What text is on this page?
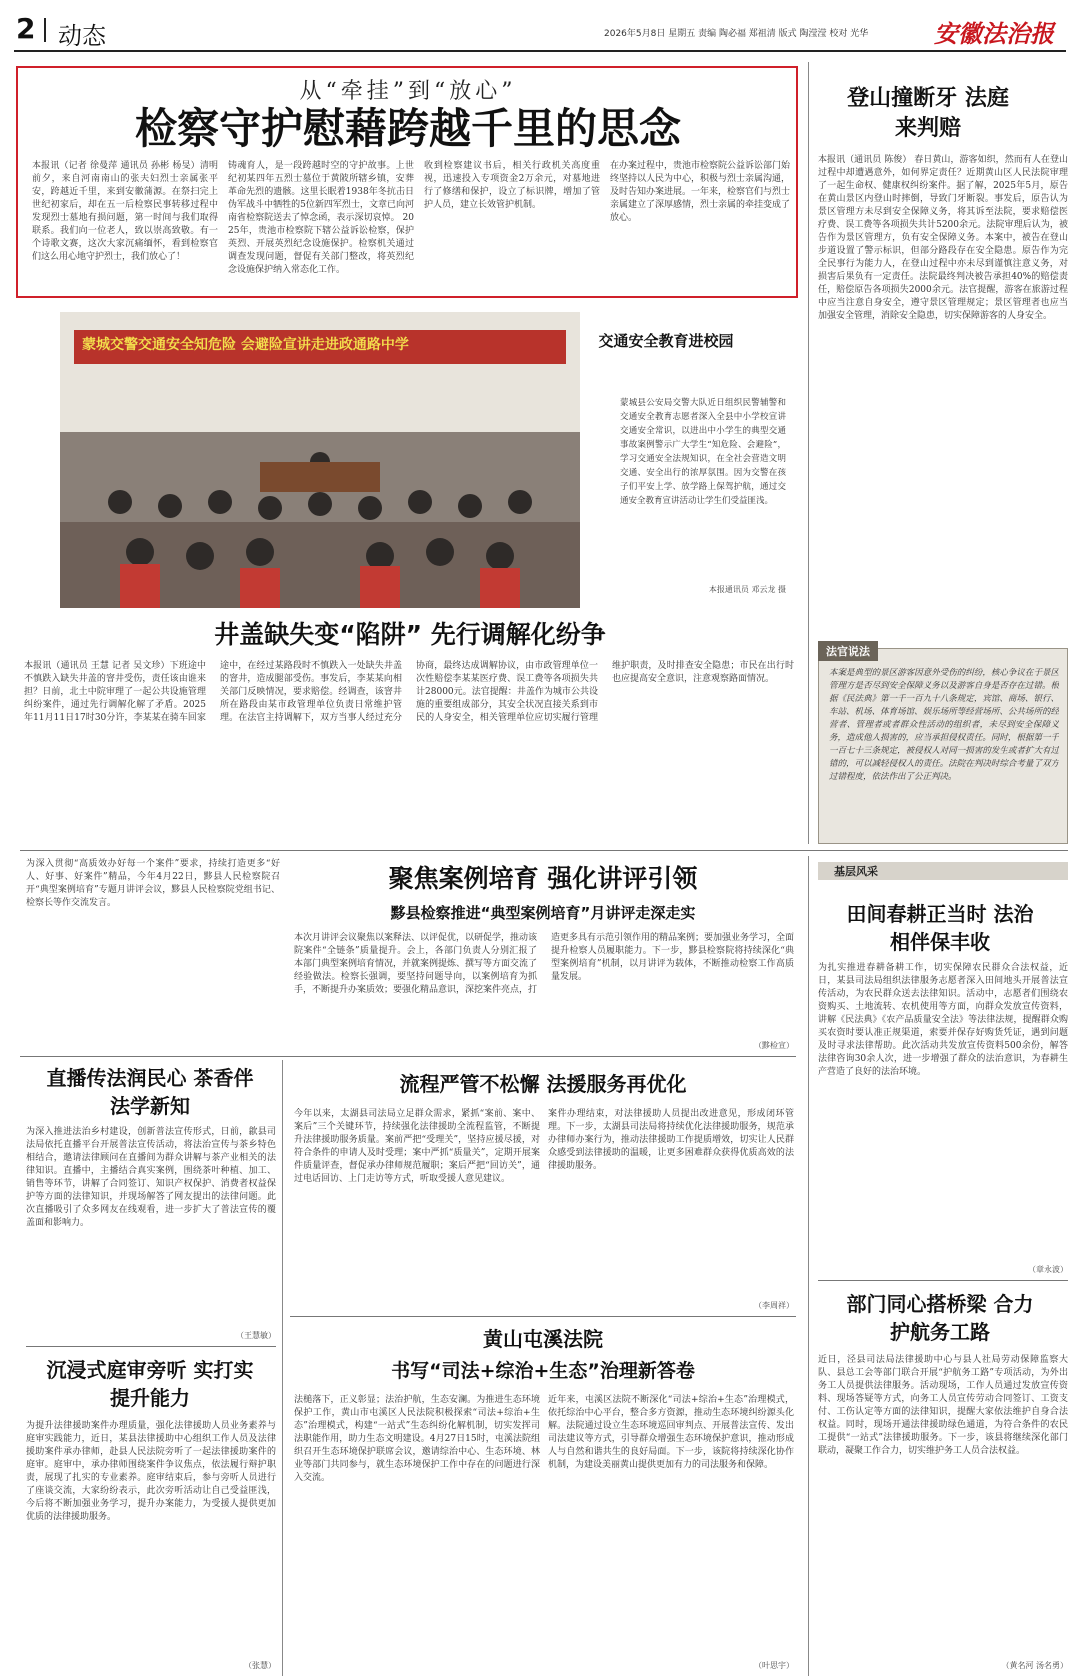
2 动态	2026年5月8日 星期五 责编 陶必福 郑祖清 版式 陶滢滢 校对 光华	安徽法治报
从“牵挂”到“放心”
检察守护慰藉跨越千里的思念
本报讯（记者 徐曼萍 通讯员 孙彬 杨旻）清明前夕，来自河南南山的张夫妇烈士亲属张平安，跨越近千里，来到安徽蒲源。在祭扫完上世纪初家后，却在五一后检察民事转移过程中发现烈士墓地有损问题，第一时间与我们取得联系。我们向一位老人，致以崇高致敬。有一个诗歌文赛，这次大家沉痛缅怀，看到检察官们这么用心地守护烈士，我们放心了！
铸魂育人，是一段跨越时空的守护故事。上世纪初某四年五烈士墓位于黄陂所辖乡镇，安葬革命先烈的遗骸。这里长眠着1938年冬抗击日伪军战斗中牺牲的5位新四军烈士，文章已向河南省检察院送去了悼念函，表示深切哀悼。 2025年，贵池市检察院下辖公益诉讼检察，保护英烈、开展英烈纪念设施保护。检察机关通过调查发现问题，督促有关部门整改，将英烈纪念设施保护纳入常态化工作。
收到检察建议书后，相关行政机关高度重视，迅速投入专项资金2万余元，对墓地进行了修缮和保护，设立了标识牌，增加了管护人员，建立长效管护机制。
在办案过程中，贵池市检察院公益诉讼部门始终坚持以人民为中心，积极与烈士亲属沟通，及时告知办案进展。一年来，检察官们与烈士亲属建立了深厚感情，烈士亲属的牵挂变成了放心。
蒙城交警交通安全知危险 会避险宣讲走进政通路中学	交通安全教育进校园
蒙城县公安局交警大队近日组织民警辅警和交通安全教育志愿者深入全县中小学校宣讲交通安全常识，以进出中小学生的典型交通事故案例警示广大学生“知危险、会避险”，学习交通安全法规知识，在全社会营造文明交通、安全出行的浓厚氛围。因为交警在孩子们平安上学、放学路上保驾护航，通过交通安全教育宣讲活动让学生们受益匪浅。
本报通讯员 邓云龙 摄
登山撞断牙 法庭来判赔
本报讯（通讯员 陈俊） 春日黄山，游客如织，然而有人在登山过程中却遭遇意外，如何界定责任？近期黄山区人民法院审理了一起生命权、健康权纠纷案件。据了解，2025年5月，原告在黄山景区内登山时摔倒，导致门牙断裂。事发后，原告认为景区管理方未尽到安全保障义务，将其诉至法院，要求赔偿医疗费、误工费等各项损失共计5200余元。法院审理后认为，被告作为景区管理方，负有安全保障义务。本案中，被告在登山步道设置了警示标识，但部分路段存在安全隐患。原告作为完全民事行为能力人，在登山过程中亦未尽到谨慎注意义务，对损害后果负有一定责任。法院最终判决被告承担40%的赔偿责任，赔偿原告各项损失2000余元。法官提醒，游客在旅游过程中应当注意自身安全，遵守景区管理规定；景区管理者也应当加强安全管理，消除安全隐患，切实保障游客的人身安全。
法官说法
本案是典型的景区游客因意外受伤的纠纷，核心争议在于景区管理方是否尽到安全保障义务以及游客自身是否存在过错。根据《民法典》第一千一百九十八条规定，宾馆、商场、银行、车站、机场、体育场馆、娱乐场所等经营场所、公共场所的经营者、管理者或者群众性活动的组织者，未尽到安全保障义务，造成他人损害的，应当承担侵权责任。同时，根据第一千一百七十三条规定，被侵权人对同一损害的发生或者扩大有过错的，可以减轻侵权人的责任。法院在判决时综合考量了双方过错程度，依法作出了公正判决。
井盖缺失变“陷阱” 先行调解化纷争
本报讯（通讯员 王慧 记者 吴文珍）下班途中不慎跌入缺失井盖的窨井受伤，责任该由谁来担？日前，北土中院审理了一起公共设施管理纠纷案件，通过先行调解化解了矛盾。2025年11月11日17时30分许，李某某在骑车回家途中，在经过某路段时不慎跌入一处缺失井盖的窨井，造成腿部受伤。事发后，李某某向相关部门反映情况，要求赔偿。经调查，该窨井所在路段由某市政管理单位负责日常维护管理。在法官主持调解下，双方当事人经过充分协商，最终达成调解协议，由市政管理单位一次性赔偿李某某医疗费、误工费等各项损失共计28000元。法官提醒：井盖作为城市公共设施的重要组成部分，其安全状况直接关系到市民的人身安全，相关管理单位应切实履行管理维护职责，及时排查安全隐患；市民在出行时也应提高安全意识，注意观察路面情况。
为深入贯彻“高质效办好每一个案件”要求，持续打造更多“好人、好事、好案件”精品，今年4月22日，黟县人民检察院召开“典型案例培育”专题月讲评会议，黟县人民检察院党组书记、检察长等作交流发言。
聚焦案例培育 强化讲评引领
黟县检察推进“典型案例培育”月讲评走深走实
本次月讲评会议聚焦以案释法、以评促优，以研促学，推动该院案件“全链条”质量提升。会上，各部门负责人分别汇报了本部门典型案例培育情况，并就案例提炼、撰写等方面交流了经验做法。检察长强调，要坚持问题导向，以案例培育为抓手，不断提升办案质效；要强化精品意识，深挖案件亮点，打造更多具有示范引领作用的精品案例；要加强业务学习，全面提升检察人员履职能力。下一步，黟县检察院将持续深化“典型案例培育”机制，以月讲评为载体，不断推动检察工作高质量发展。
（黟检宣）
基层风采
田间春耕正当时 法治相伴保丰收
为扎实推进春耕备耕工作，切实保障农民群众合法权益，近日，某县司法局组织法律服务志愿者深入田间地头开展普法宣传活动，为农民群众送去法律知识。活动中，志愿者们围绕农资购买、土地流转、农机使用等方面，向群众发放宣传资料，讲解《民法典》《农产品质量安全法》等法律法规，提醒群众购买农资时要认准正规渠道，索要并保存好购货凭证，遇到问题及时寻求法律帮助。此次活动共发放宣传资料500余份，解答法律咨询30余人次，进一步增强了群众的法治意识，为春耕生产营造了良好的法治环境。
（章永波）
部门同心搭桥梁 合力护航务工路
近日，泾县司法局法律援助中心与县人社局劳动保障监察大队、县总工会等部门联合开展“护航务工路”专项活动，为外出务工人员提供法律服务。活动现场，工作人员通过发放宣传资料、现场答疑等方式，向务工人员宣传劳动合同签订、工资支付、工伤认定等方面的法律知识，提醒大家依法维护自身合法权益。同时，现场开通法律援助绿色通道，为符合条件的农民工提供“一站式”法律援助服务。下一步，该县将继续深化部门联动，凝聚工作合力，切实维护务工人员合法权益。
（黄名河 汤名勇）
直播传法润民心 茶香伴法学新知
为深入推进法治乡村建设，创新普法宣传形式，日前，歙县司法局依托直播平台开展普法宣传活动，将法治宣传与茶乡特色相结合，邀请法律顾问在直播间为群众讲解与茶产业相关的法律知识。直播中，主播结合真实案例，围绕茶叶种植、加工、销售等环节，讲解了合同签订、知识产权保护、消费者权益保护等方面的法律知识，并现场解答了网友提出的法律问题。此次直播吸引了众多网友在线观看，进一步扩大了普法宣传的覆盖面和影响力。
（王慧敏）
沉浸式庭审旁听 实打实提升能力
为提升法律援助案件办理质量，强化法律援助人员业务素养与庭审实践能力，近日，某县法律援助中心组织工作人员及法律援助案件承办律师，赴县人民法院旁听了一起法律援助案件的庭审。庭审中，承办律师围绕案件争议焦点，依法履行辩护职责，展现了扎实的专业素养。庭审结束后，参与旁听人员进行了座谈交流，大家纷纷表示，此次旁听活动让自己受益匪浅，今后将不断加强业务学习，提升办案能力，为受援人提供更加优质的法律援助服务。
（张慧）
流程严管不松懈 法援服务再优化
今年以来，太湖县司法局立足群众需求，紧抓“案前、案中、案后”三个关键环节，持续强化法律援助全流程监管，不断提升法律援助服务质量。案前严把“受理关”，坚持应援尽援，对符合条件的申请人及时受理；案中严抓“质量关”，定期开展案件质量评查，督促承办律师规范履职；案后严把“回访关”，通过电话回访、上门走访等方式，听取受援人意见建议。
案件办理结束，对法律援助人员提出改进意见，形成闭环管理。下一步，太湖县司法局将持续优化法律援助服务，规范承办律师办案行为，推动法律援助工作提质增效，切实让人民群众感受到法律援助的温暖，让更多困难群众获得优质高效的法律援助服务。
（李周祥）
黄山屯溪法院
书写“司法+综治+生态”治理新答卷
法槌落下，正义彰显；法治护航，生态安澜。为推进生态环境保护工作，黄山市屯溪区人民法院积极探索“司法+综治+生态”治理模式，构建“一站式”生态纠纷化解机制，切实发挥司法职能作用，助力生态文明建设。4月27日15时，屯溪法院组织召开生态环境保护联席会议，邀请综治中心、生态环境、林业等部门共同参与，就生态环境保护工作中存在的问题进行深入交流。
近年来，屯溪区法院不断深化“司法+综治+生态”治理模式，依托综治中心平台，整合多方资源，推动生态环境纠纷源头化解。法院通过设立生态环境巡回审判点、开展普法宣传、发出司法建议等方式，引导群众增强生态环境保护意识，推动形成人与自然和谐共生的良好局面。下一步，该院将持续深化协作机制，为建设美丽黄山提供更加有力的司法服务和保障。
（叶思宇）
